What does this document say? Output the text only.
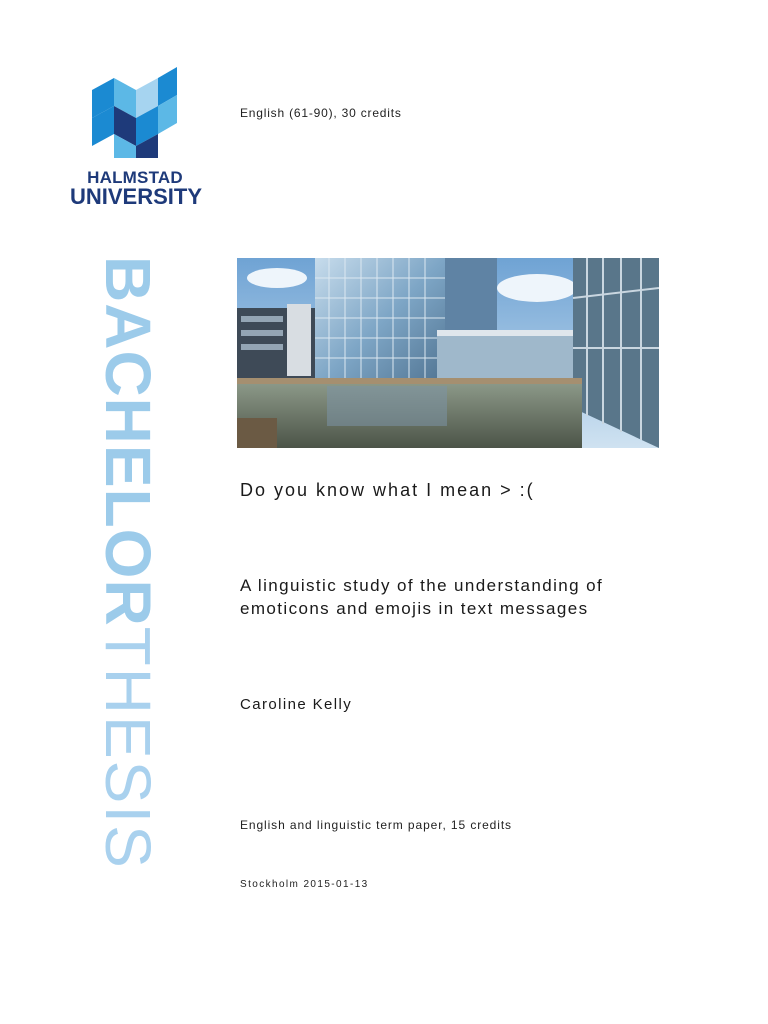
HALMSTAD
UNIVERSITY
BACHELORTHESIS
English (61-90), 30 credits
Do you know what I mean > :(
A linguistic study of the understanding of emoticons and emojis in text messages
Caroline Kelly
English and linguistic term paper, 15 credits
Stockholm 2015-01-13
